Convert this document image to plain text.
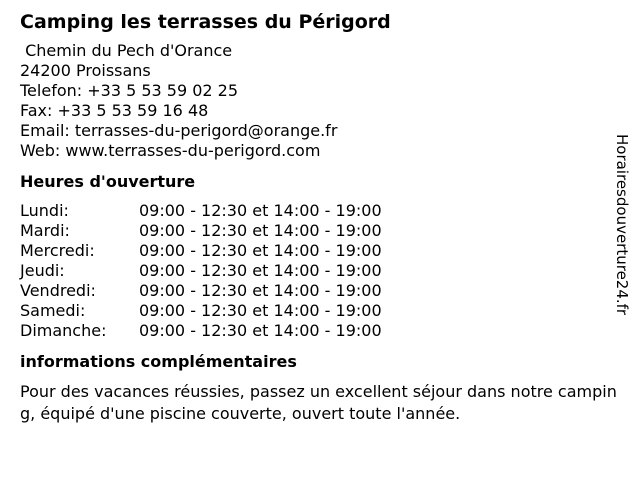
Camping les terrasses du Périgord
Chemin du Pech d'Orance
24200 Proissans
Telefon: +33 5 53 59 02 25
Fax: +33 5 53 59 16 48
Email: terrasses-du-perigord@orange.fr
Web: www.terrasses-du-perigord.com
Heures d'ouverture
Lundi:	09:00 - 12:30 et 14:00 - 19:00
Mardi:	09:00 - 12:30 et 14:00 - 19:00
Mercredi:	09:00 - 12:30 et 14:00 - 19:00
Jeudi:	09:00 - 12:30 et 14:00 - 19:00
Vendredi:	09:00 - 12:30 et 14:00 - 19:00
Samedi:	09:00 - 12:30 et 14:00 - 19:00
Dimanche:	09:00 - 12:30 et 14:00 - 19:00
informations complémentaires
Pour des vacances réussies, passez un excellent séjour dans notre camping, équipé d'une piscine couverte, ouvert toute l'année.
Horairesdouverture24.fr
